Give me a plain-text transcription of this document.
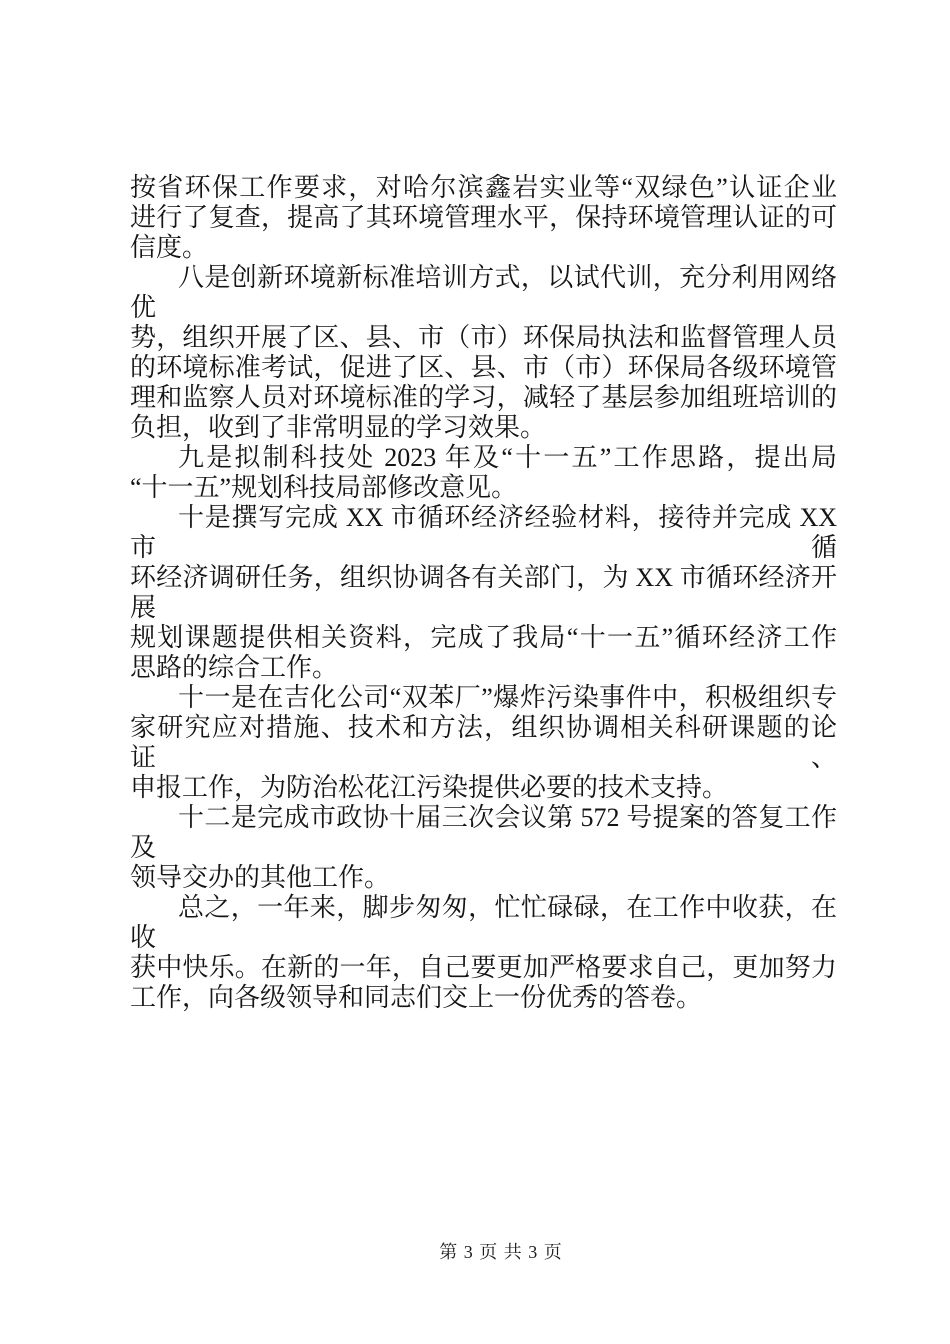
按省环保工作要求，对哈尔滨鑫岩实业等“双绿色”认证企业
进行了复查，提高了其环境管理水平，保持环境管理认证的可
信度。
八是创新环境新标准培训方式，以试代训，充分利用网络优
势，组织开展了区、县、市（市）环保局执法和监督管理人员
的环境标准考试，促进了区、县、市（市）环保局各级环境管
理和监察人员对环境标准的学习，减轻了基层参加组班培训的
负担，收到了非常明显的学习效果。
九是拟制科技处 2023 年及“十一五”工作思路，提出局
“十一五”规划科技局部修改意见。
十是撰写完成 XX 市循环经济经验材料，接待并完成 XX 市循
环经济调研任务，组织协调各有关部门，为 XX 市循环经济开展
规划课题提供相关资料，完成了我局“十一五”循环经济工作
思路的综合工作。
十一是在吉化公司“双苯厂”爆炸污染事件中，积极组织专
家研究应对措施、技术和方法，组织协调相关科研课题的论证、
申报工作，为防治松花江污染提供必要的技术支持。
十二是完成市政协十届三次会议第 572 号提案的答复工作及
领导交办的其他工作。
总之，一年来，脚步匆匆，忙忙碌碌，在工作中收获，在收
获中快乐。在新的一年，自己要更加严格要求自己，更加努力
工作，向各级领导和同志们交上一份优秀的答卷。
第 3 页 共 3 页
